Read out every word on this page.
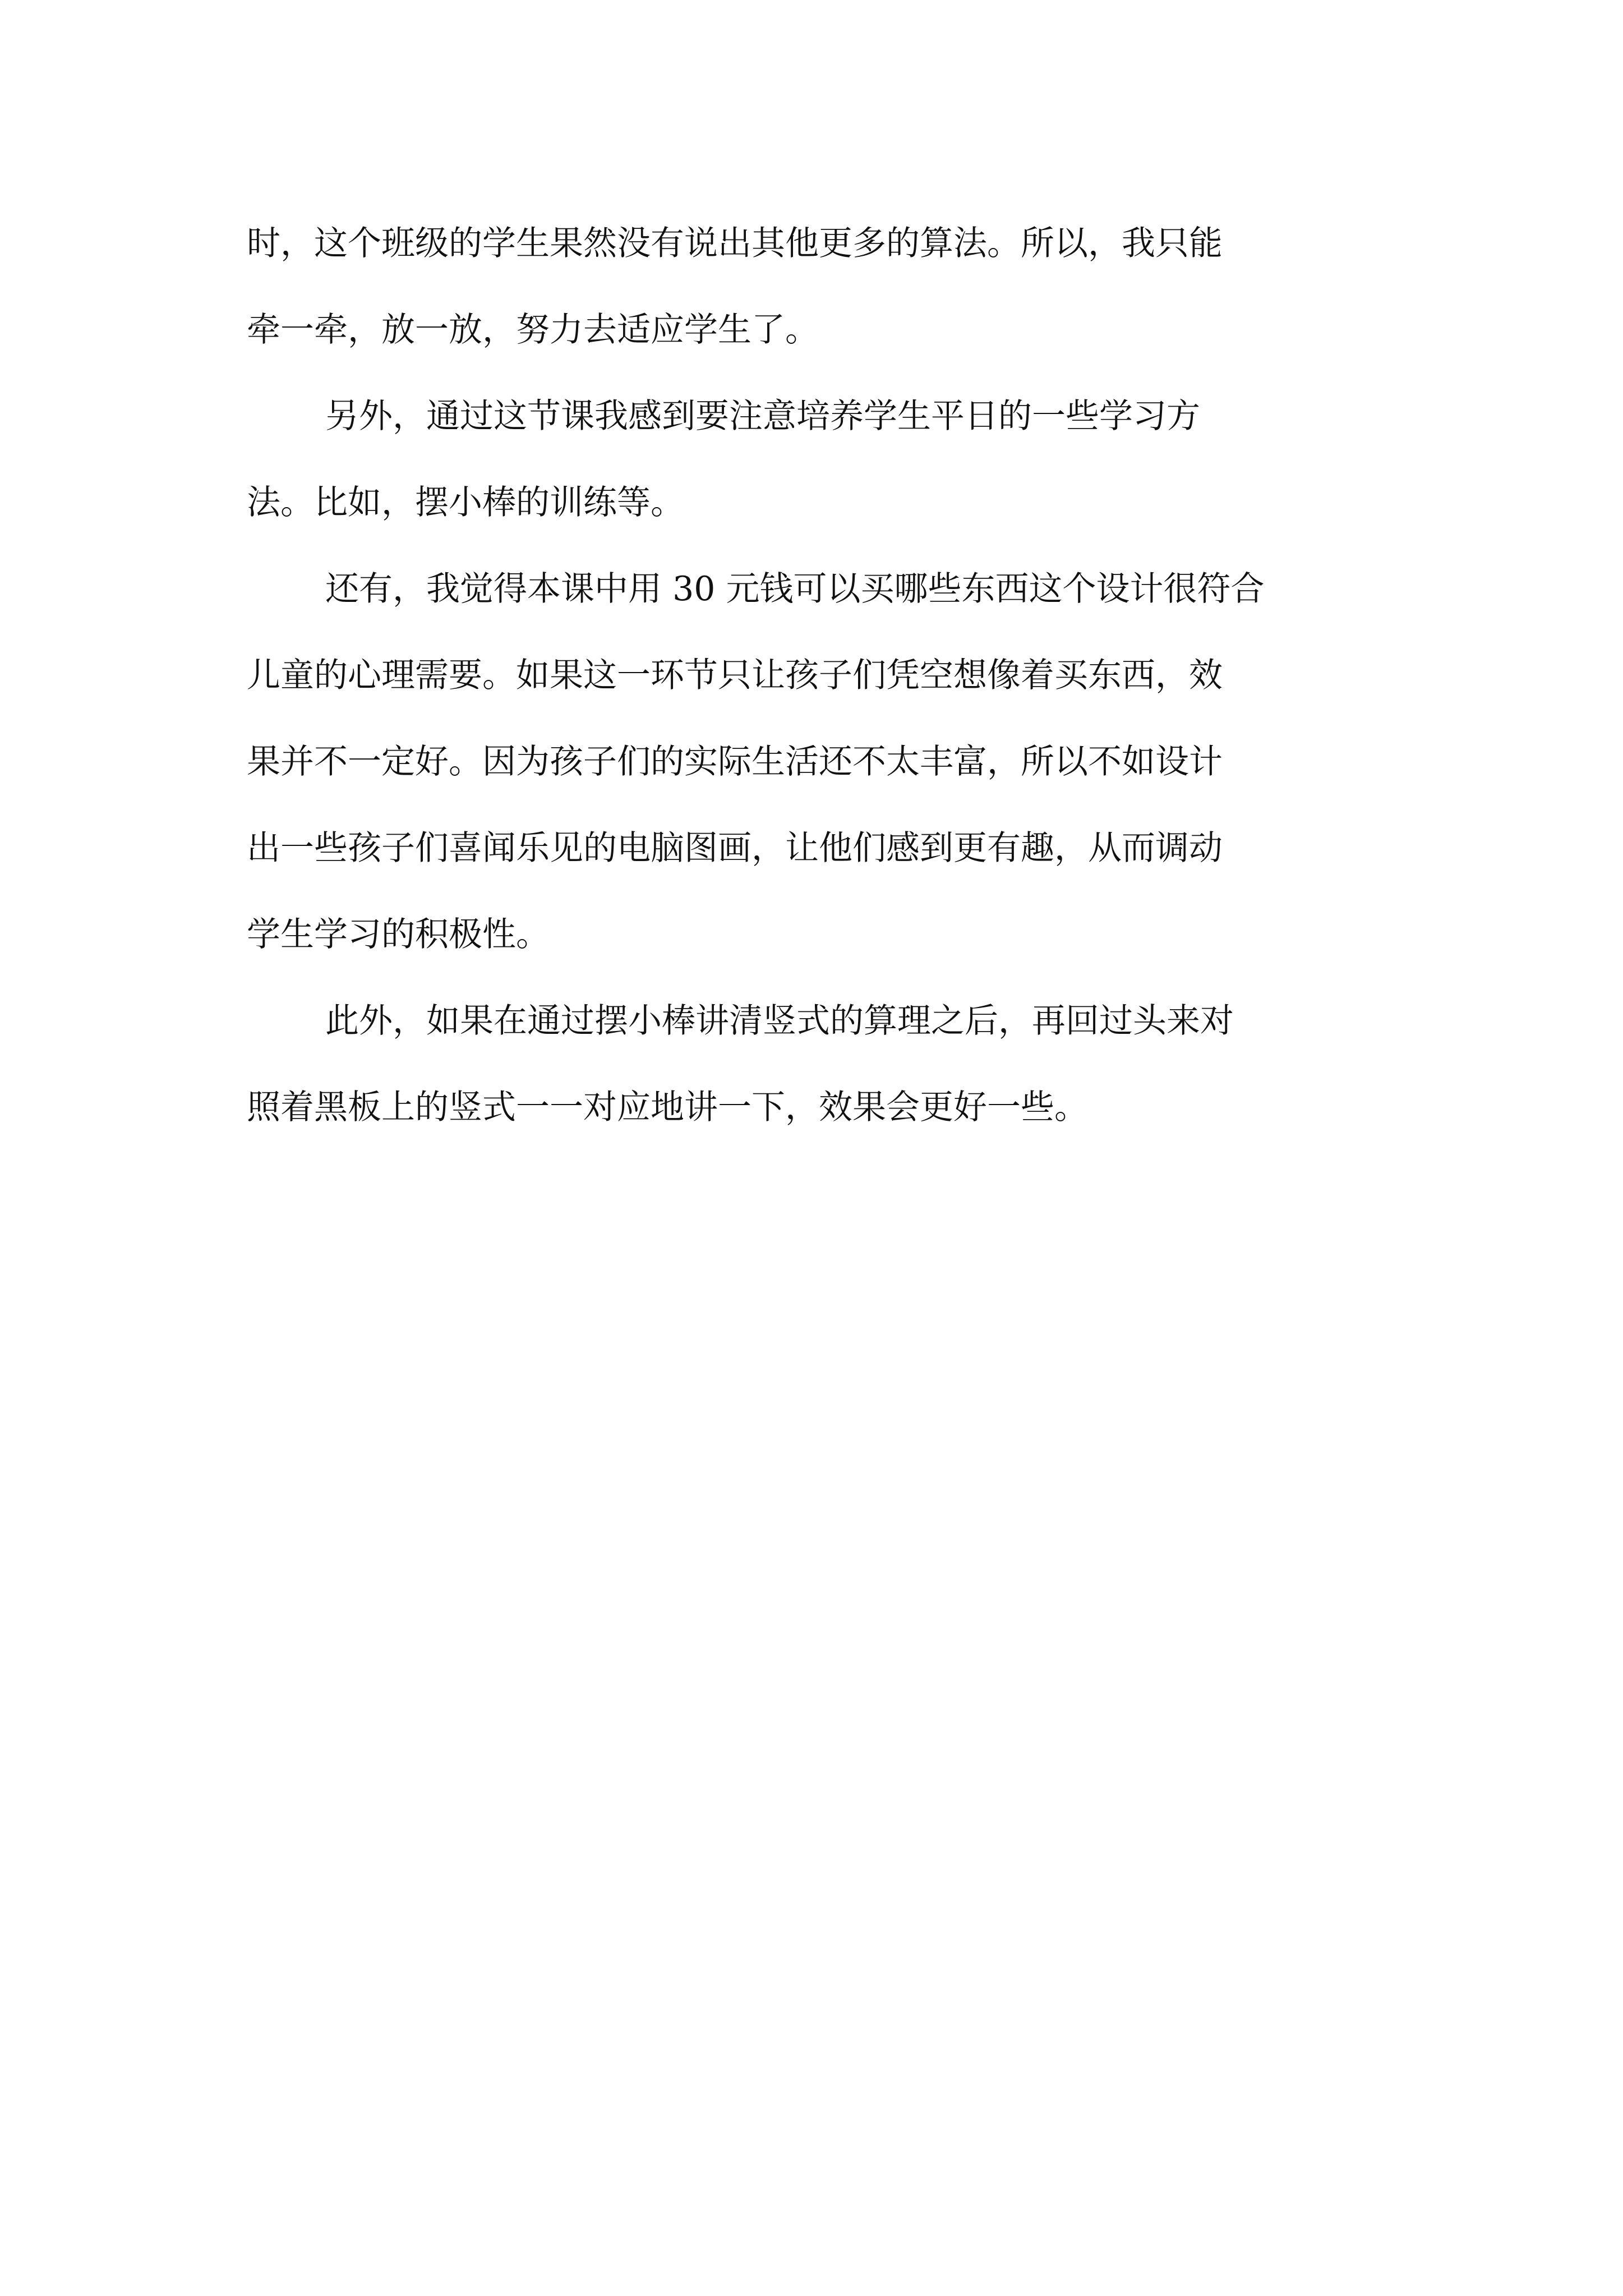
时，这个班级的学生果然没有说出其他更多的算法。所以，我只能
牵一牵，放一放，努力去适应学生了。
另外，通过这节课我感到要注意培养学生平日的一些学习方
法。比如，摆小棒的训练等。
还有，我觉得本课中用 30 元钱可以买哪些东西这个设计很符合
儿童的心理需要。如果这一环节只让孩子们凭空想像着买东西，效
果并不一定好。因为孩子们的实际生活还不太丰富，所以不如设计
出一些孩子们喜闻乐见的电脑图画，让他们感到更有趣，从而调动
学生学习的积极性。
此外，如果在通过摆小棒讲清竖式的算理之后，再回过头来对
照着黑板上的竖式一一对应地讲一下，效果会更好一些。
